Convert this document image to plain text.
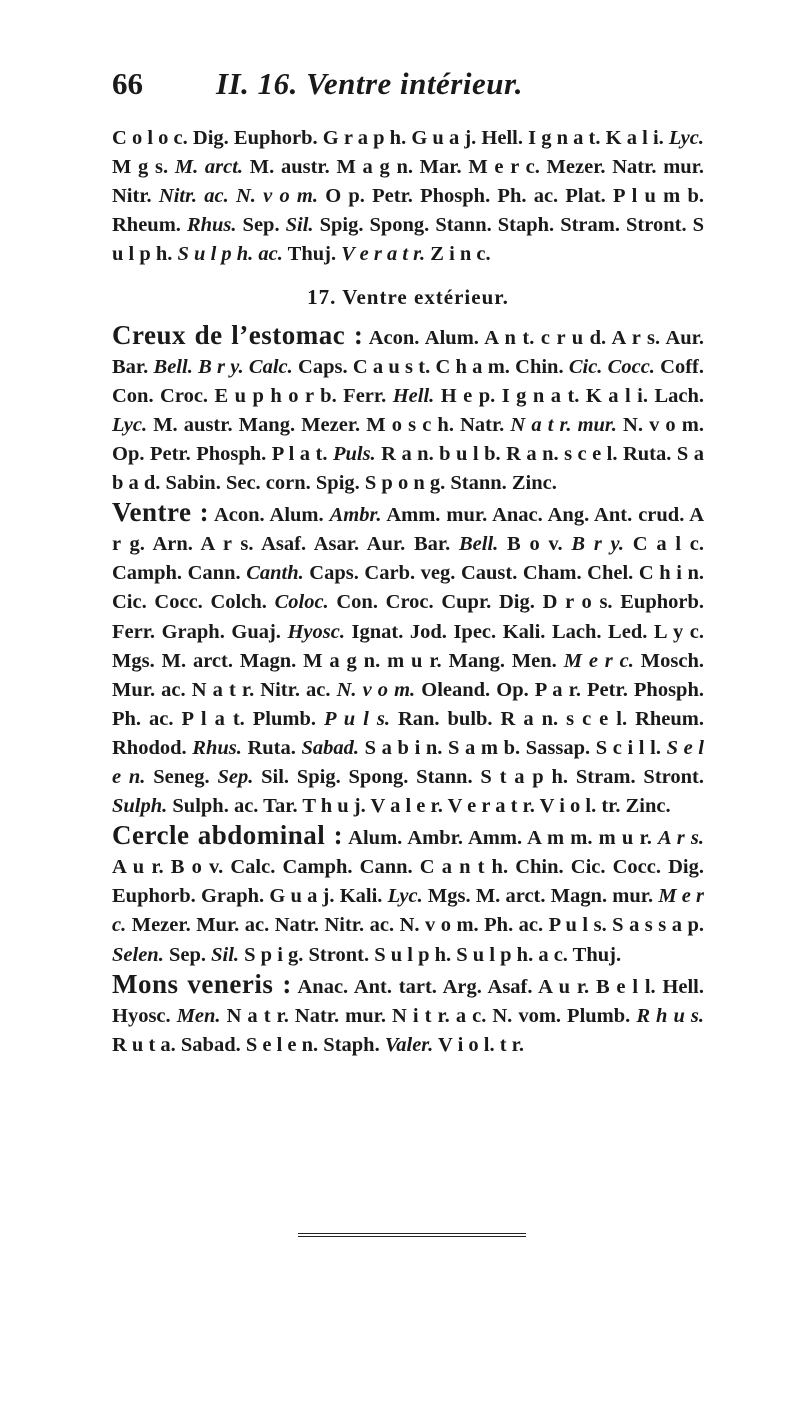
66	II. 16. Ventre intérieur.

C o l o c. Dig. Euphorb. G r a p h. G u a j. Hell. I g n a t. K a l i. Lyc. M g s. M. arct. M. austr. M a g n. Mar. M e r c. Mezer. Natr. mur. Nitr. Nitr. ac. N. v o m. O p. Petr. Phosph. Ph. ac. Plat. P l u m b. Rheum. Rhus. Sep. Sil. Spig. Spong. Stann. Staph. Stram. Stront. S u l p h. S u l p h. ac. Thuj. V e r a t r. Z i n c.

17. Ventre extérieur.

Creux de l’estomac : Acon. Alum. A n t. c r u d. A r s. Aur. Bar. Bell. B r y. Calc. Caps. C a u s t. C h a m. Chin. Cic. Cocc. Coff. Con. Croc. E u p h o r b. Ferr. Hell. H e p. I g n a t. K a l i. Lach. Lyc. M. austr. Mang. Mezer. M o s c h. Natr. N a t r. mur. N. v o m. Op. Petr. Phosph. P l a t. Puls. R a n. b u l b. R a n. s c e l. Ruta. S a b a d. Sabin. Sec. corn. Spig. S p o n g. Stann. Zinc.

Ventre : Acon. Alum. Ambr. Amm. mur. Anac. Ang. Ant. crud. A r g. Arn. A r s. Asaf. Asar. Aur. Bar. Bell. B o v. B r y. C a l c. Camph. Cann. Canth. Caps. Carb. veg. Caust. Cham. Chel. C h i n. Cic. Cocc. Colch. Coloc. Con. Croc. Cupr. Dig. D r o s. Euphorb. Ferr. Graph. Guaj. Hyosc. Ignat. Jod. Ipec. Kali. Lach. Led. L y c. Mgs. M. arct. Magn. M a g n. m u r. Mang. Men. M e r c. Mosch. Mur. ac. N a t r. Nitr. ac. N. v o m. Oleand. Op. P a r. Petr. Phosph. Ph. ac. P l a t. Plumb. P u l s. Ran. bulb. R a n. s c e l. Rheum. Rhodod. Rhus. Ruta. Sabad. S a b i n. S a m b. Sassap. S c i l l. S e l e n. Seneg. Sep. Sil. Spig. Spong. Stann. S t a p h. Stram. Stront. Sulph. Sulph. ac. Tar. T h u j. V a l e r. V e r a t r. V i o l. tr. Zinc.

Cercle abdominal : Alum. Ambr. Amm. A m m. m u r. A r s. A u r. B o v. Calc. Camph. Cann. C a n t h. Chin. Cic. Cocc. Dig. Euphorb. Graph. G u a j. Kali. Lyc. Mgs. M. arct. Magn. mur. M e r c. Mezer. Mur. ac. Natr. Nitr. ac. N. v o m. Ph. ac. P u l s. S a s s a p. Selen. Sep. Sil. S p i g. Stront. S u l p h. S u l p h. a c. Thuj.

Mons veneris : Anac. Ant. tart. Arg. Asaf. A u r. B e l l. Hell. Hyosc. Men. N a t r. Natr. mur. N i t r. a c. N. vom. Plumb. R h u s. R u t a. Sabad. S e l e n. Staph. Valer. V i o l. t r.
